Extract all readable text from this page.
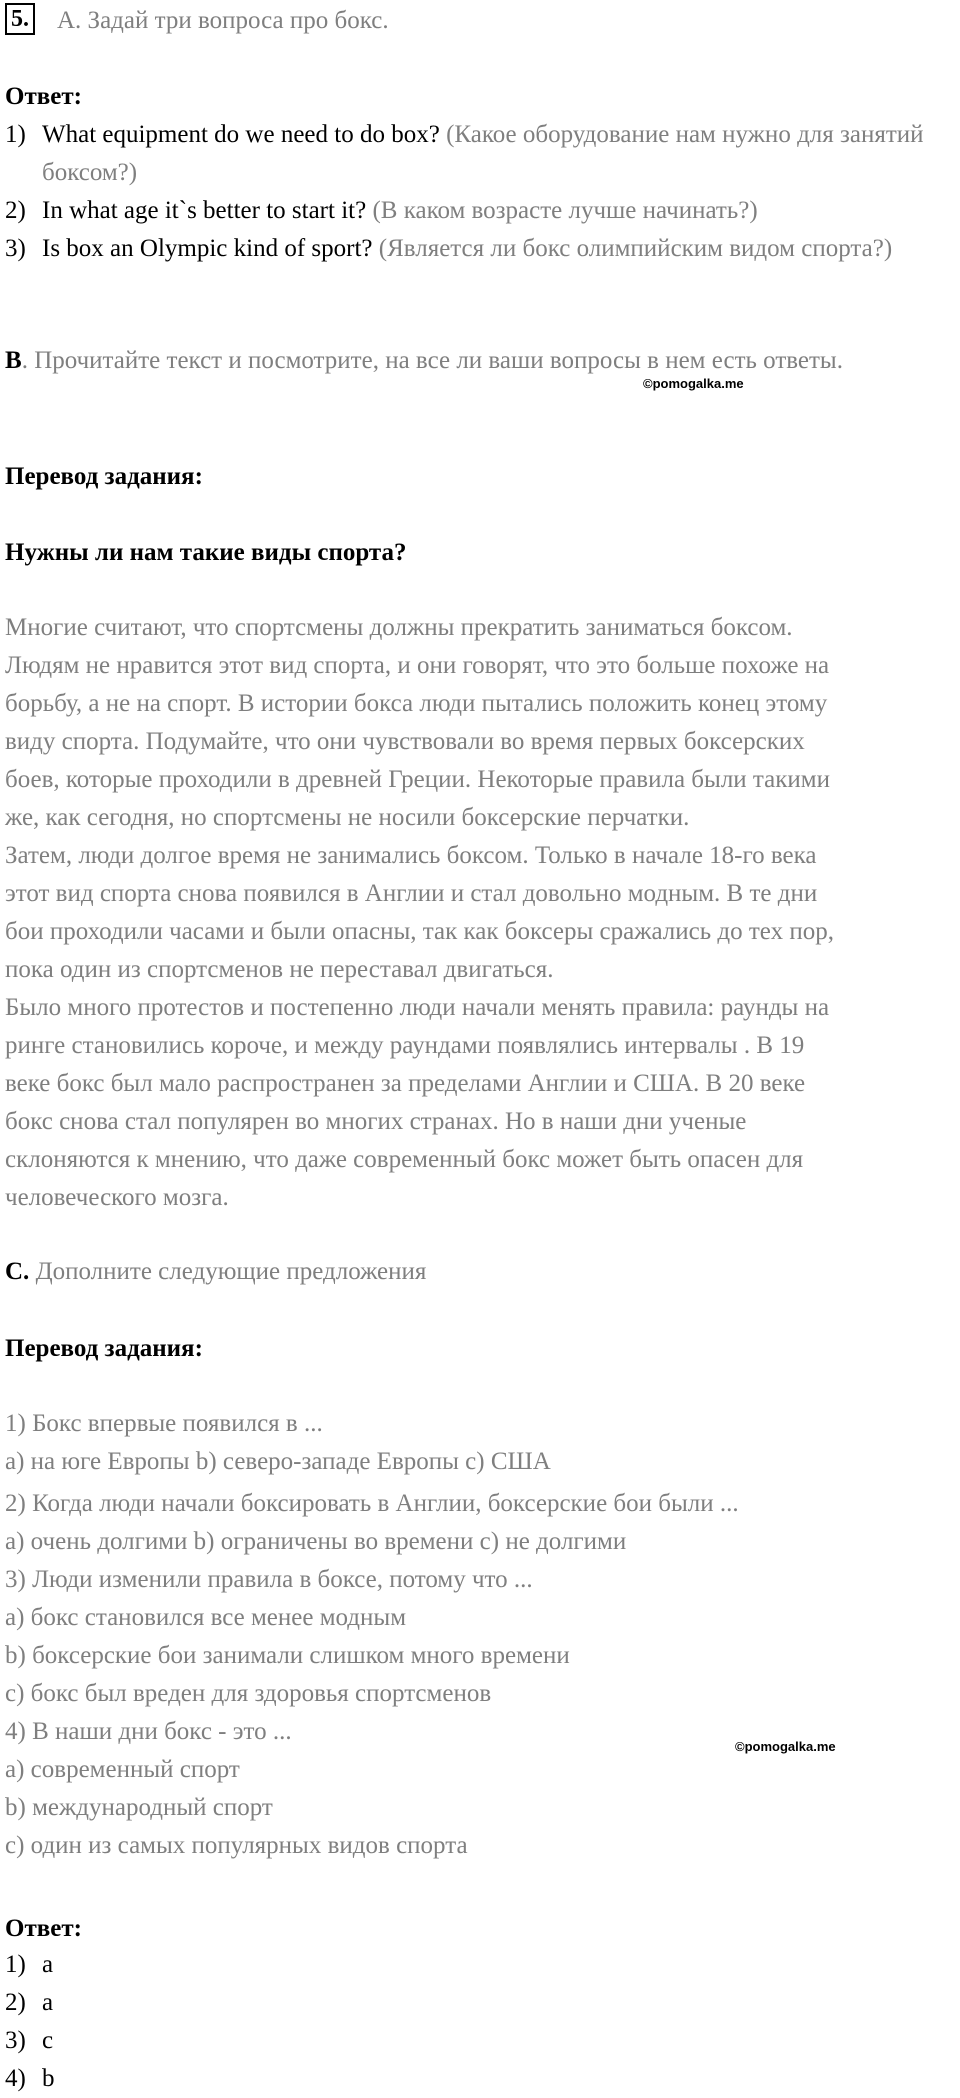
5. А. Задай три вопроса про бокс.
Ответ:
1) What equipment do we need to do box? (Какое оборудование нам нужно для занятий боксом?)
2) In what age it`s better to start it? (В каком возрасте лучше начинать?)
3) Is box an Olympic kind of sport? (Является ли бокс олимпийским видом спорта?)
B. Прочитайте текст и посмотрите, на все ли ваши вопросы в нем есть ответы.
©pomogalka.me
Перевод задания:
Нужны ли нам такие виды спорта?
Многие считают, что спортсмены должны прекратить заниматься боксом.
Людям не нравится этот вид спорта, и они говорят, что это больше похоже на
борьбу, а не на спорт. В истории бокса люди пытались положить конец этому
виду спорта. Подумайте, что они чувствовали во время первых боксерских
боев, которые проходили в древней Греции. Некоторые правила были такими
же, как сегодня, но спортсмены не носили боксерские перчатки.
Затем, люди долгое время не занимались боксом. Только в начале 18-го века
этот вид спорта снова появился в Англии и стал довольно модным. В те дни
бои проходили часами и были опасны, так как боксеры сражались до тех пор,
пока один из спортсменов не переставал двигаться.
Было много протестов и постепенно люди начали менять правила: раунды на
ринге становились короче, и между раундами появлялись интервалы . В 19
веке бокс был мало распространен за пределами Англии и США. В 20 веке
бокс снова стал популярен во многих странах. Но в наши дни ученые
склоняются к мнению, что даже современный бокс может быть опасен для
человеческого мозга.
C. Дополните следующие предложения
Перевод задания:
1) Бокс впервые появился в ...
a) на юге Европы b) северо-западе Европы c) США
2) Когда люди начали боксировать в Англии, боксерские бои были ...
a) очень долгими b) ограничены во времени c) не долгими
3) Люди изменили правила в боксе, потому что ...
a) бокс становился все менее модным
b) боксерские бои занимали слишком много времени
c) бокс был вреден для здоровья спортсменов
4) В наши дни бокс - это ...
a) современный спорт
b) международный спорт
c) один из самых популярных видов спорта
©pomogalka.me
Ответ:
1) a
2) a
3) c
4) b
